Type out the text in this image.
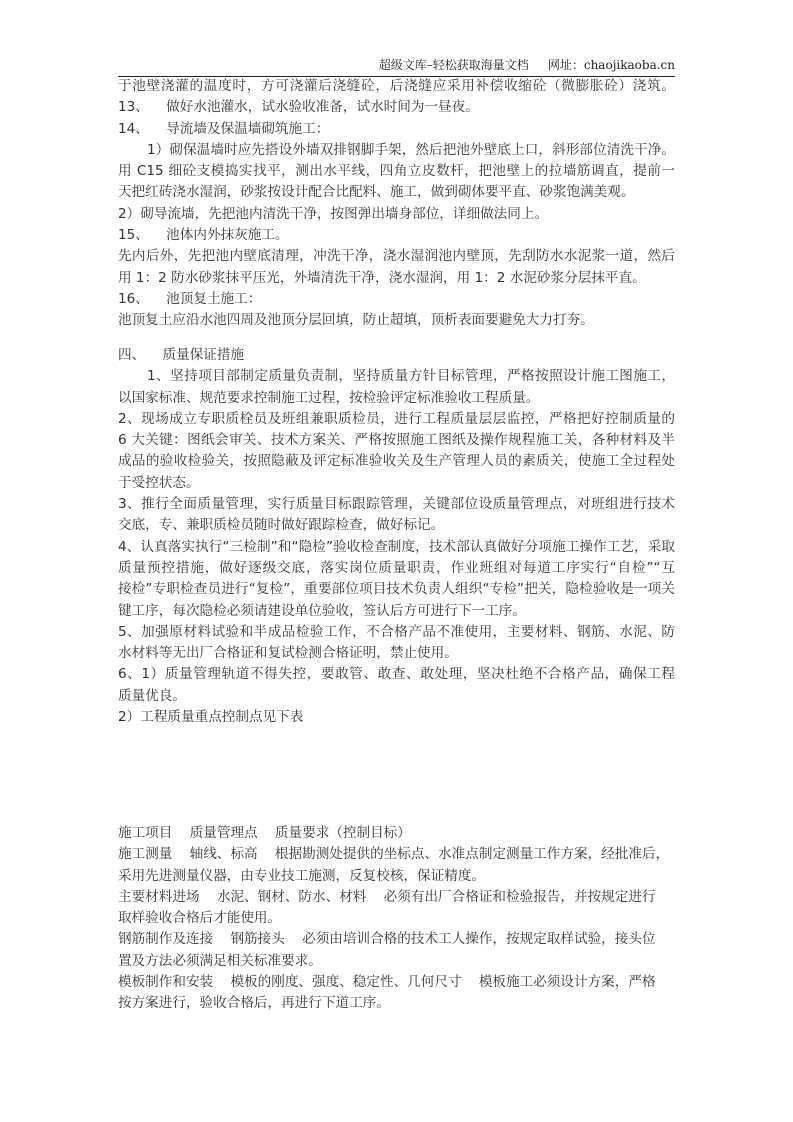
超级文库–轻松获取海量文档 网址：chaojikaoba.cn
于池壁浇灌的温度时，方可浇灌后浇缝砼，后浇缝应采用补偿收缩砼（微膨胀砼）浇筑。
13、    做好水池灌水，试水验收准备，试水时间为一昼夜。
14、    导流墙及保温墙砌筑施工：
1）砌保温墙时应先搭设外墙双排钢脚手架，然后把池外壁底上口，斜形部位清洗干净。
用 C15 细砼支模捣实找平，测出水平线，四角立皮数杆，把池壁上的拉墙筋调直，提前一
天把红砖浇水湿润，砂浆按设计配合比配料、施工，做到砌体要平直、砂浆饱满美观。
2）砌导流墙，先把池内清洗干净，按图弹出墙身部位，详细做法同上。
15、    池体内外抹灰施工。
先内后外，先把池内壁底清理，冲洗干净，浇水湿润池内壁顶，先刮防水水泥浆一道，然后
用 1：2 防水砂浆抹平压光，外墙清洗干净，浇水湿润，用 1：2 水泥砂浆分层抹平直。
16、    池顶复土施工：
池顶复土应沿水池四周及池顶分层回填，防止超填，顶析表面要避免大力打夯。
四、    质量保证措施
1、坚持项目部制定质量负责制，坚持质量方针目标管理，严格按照设计施工图施工，
以国家标准、规范要求控制施工过程，按检验评定标准验收工程质量。
2、现场成立专职质栓员及班组兼职质检员，进行工程质量层层监控，严格把好控制质量的
6 大关键：图纸会审关、技术方案关、严格按照施工图纸及操作规程施工关，各种材料及半
成品的验收检验关，按照隐蔽及评定标准验收关及生产管理人员的素质关，使施工全过程处
于受控状态。
3、推行全面质量管理，实行质量目标跟踪管理，关键部位设质量管理点，对班组进行技术
交底，专、兼职质检员随时做好跟踪检查，做好标记。
4、认真落实执行“三检制”和“隐检”验收检查制度，技术部认真做好分项施工操作工艺，采取
质量预控措施，做好逐级交底，落实岗位质量职责，作业班组对每道工序实行“自检”“互
接检”专职检查员进行“复检”，重要部位项目技术负责人组织“专检”把关，隐检验收是一项关
键工序，每次隐检必须请建设单位验收，签认后方可进行下一工序。
5、加强原材料试验和半成品检验工作，不合格产品不准使用，主要材料、钢筋、水泥、防
水材料等无出厂合格证和复试检测合格证明，禁止使用。
6、1）质量管理轨道不得失控，要敢管、敢查、敢处理，坚决杜绝不合格产品，确保工程
质量优良。
2）工程质量重点控制点见下表
施工项目    质量管理点    质量要求（控制目标）
施工测量    轴线、标高    根据勘测处提供的坐标点、水准点制定测量工作方案，经批准后，
采用先进测量仪器，由专业技工施测，反复校核，保证精度。
主要材料进场    水泥、钢材、防水、材料    必须有出厂合格证和检验报告，并按规定进行
取样验收合格后才能使用。
钢筋制作及连接    钢筋接头    必须由培训合格的技术工人操作，按规定取样试验，接头位
置及方法必须满足相关标准要求。
模板制作和安装    模板的刚度、强度、稳定性、几何尺寸    模板施工必须设计方案，严格
按方案进行，验收合格后，再进行下道工序。
